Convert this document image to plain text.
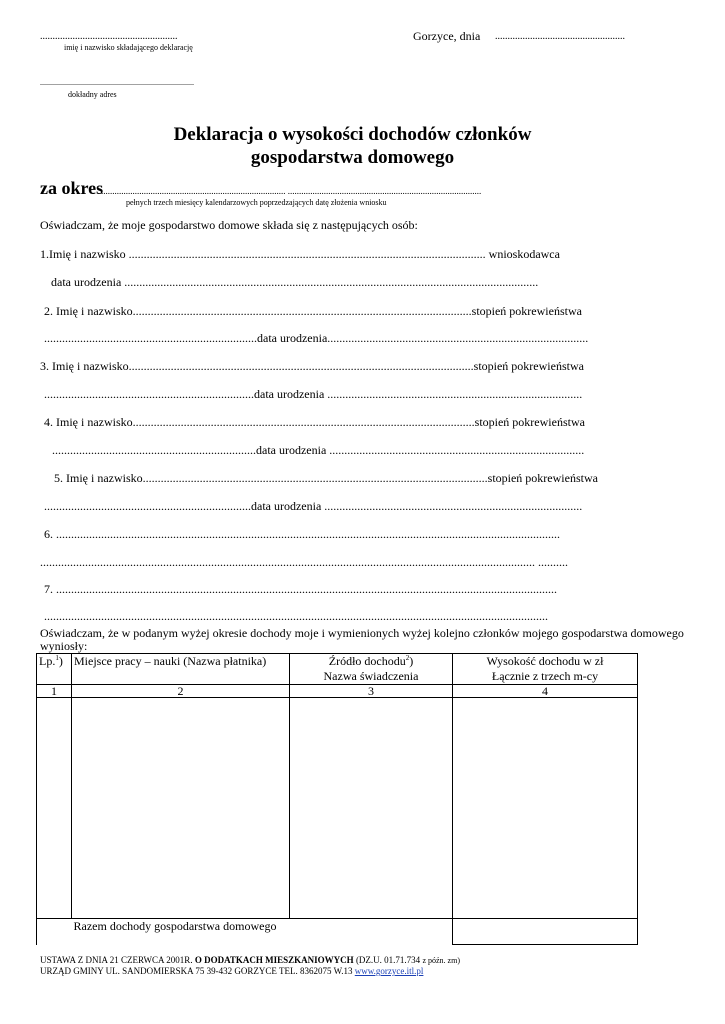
.......................................................
imię i nazwisko składającego deklarację
Gorzyce, dnia ....................................................
.............................................................................
dokładny adres
Deklaracja o wysokości dochodów członków
gospodarstwa domowego
za okres
.................................................................................. ......................................................................................
pełnych trzech miesięcy kalendarzowych poprzedzających datę złożenia wniosku
Oświadczam, że moje gospodarstwo domowe składa się z następujących osób:
1.Imię i nazwisko ....................................................................................................................... wnioskodawca
data urodzenia ..........................................................................................................................................
2. Imię i nazwisko.................................................................................................................stopień pokrewieństwa
.......................................................................data urodzenia.......................................................................................
3. Imię i nazwisko...................................................................................................................stopień pokrewieństwa
......................................................................data urodzenia .....................................................................................
4. Imię i nazwisko..................................................................................................................stopień pokrewieństwa
....................................................................data urodzenia .....................................................................................
5. Imię i nazwisko...................................................................................................................stopień pokrewieństwa
.....................................................................data urodzenia ......................................................................................
6. ........................................................................................................................................................................
..................................................................................................................................................................... ..........
7. .......................................................................................................................................................................
........................................................................................................................................................................
Oświadczam, że w podanym wyżej okresie dochody moje i wymienionych wyżej kolejno członków mojego gospodarstwa domowego
wyniosły:
Lp.$^1$)	Miejsce pracy – nauki (Nazwa płatnika)	Źródło dochodu$^2$)
Nazwa świadczenia	Wysokość dochodu w zł
Łącznie z trzech m-cy
1	2	3	4

	Razem dochody gospodarstwa domowego		
USTAWA Z DNIA 21 CZERWCA 2001R. O DODATKACH MIESZKANIOWYCH (DZ.U. 01.71.734 z późn. zm)
URZĄD GMINY UL. SANDOMIERSKA 75 39-432 GORZYCE TEL. 8362075 W.13 www.gorzyce.itl.pl
